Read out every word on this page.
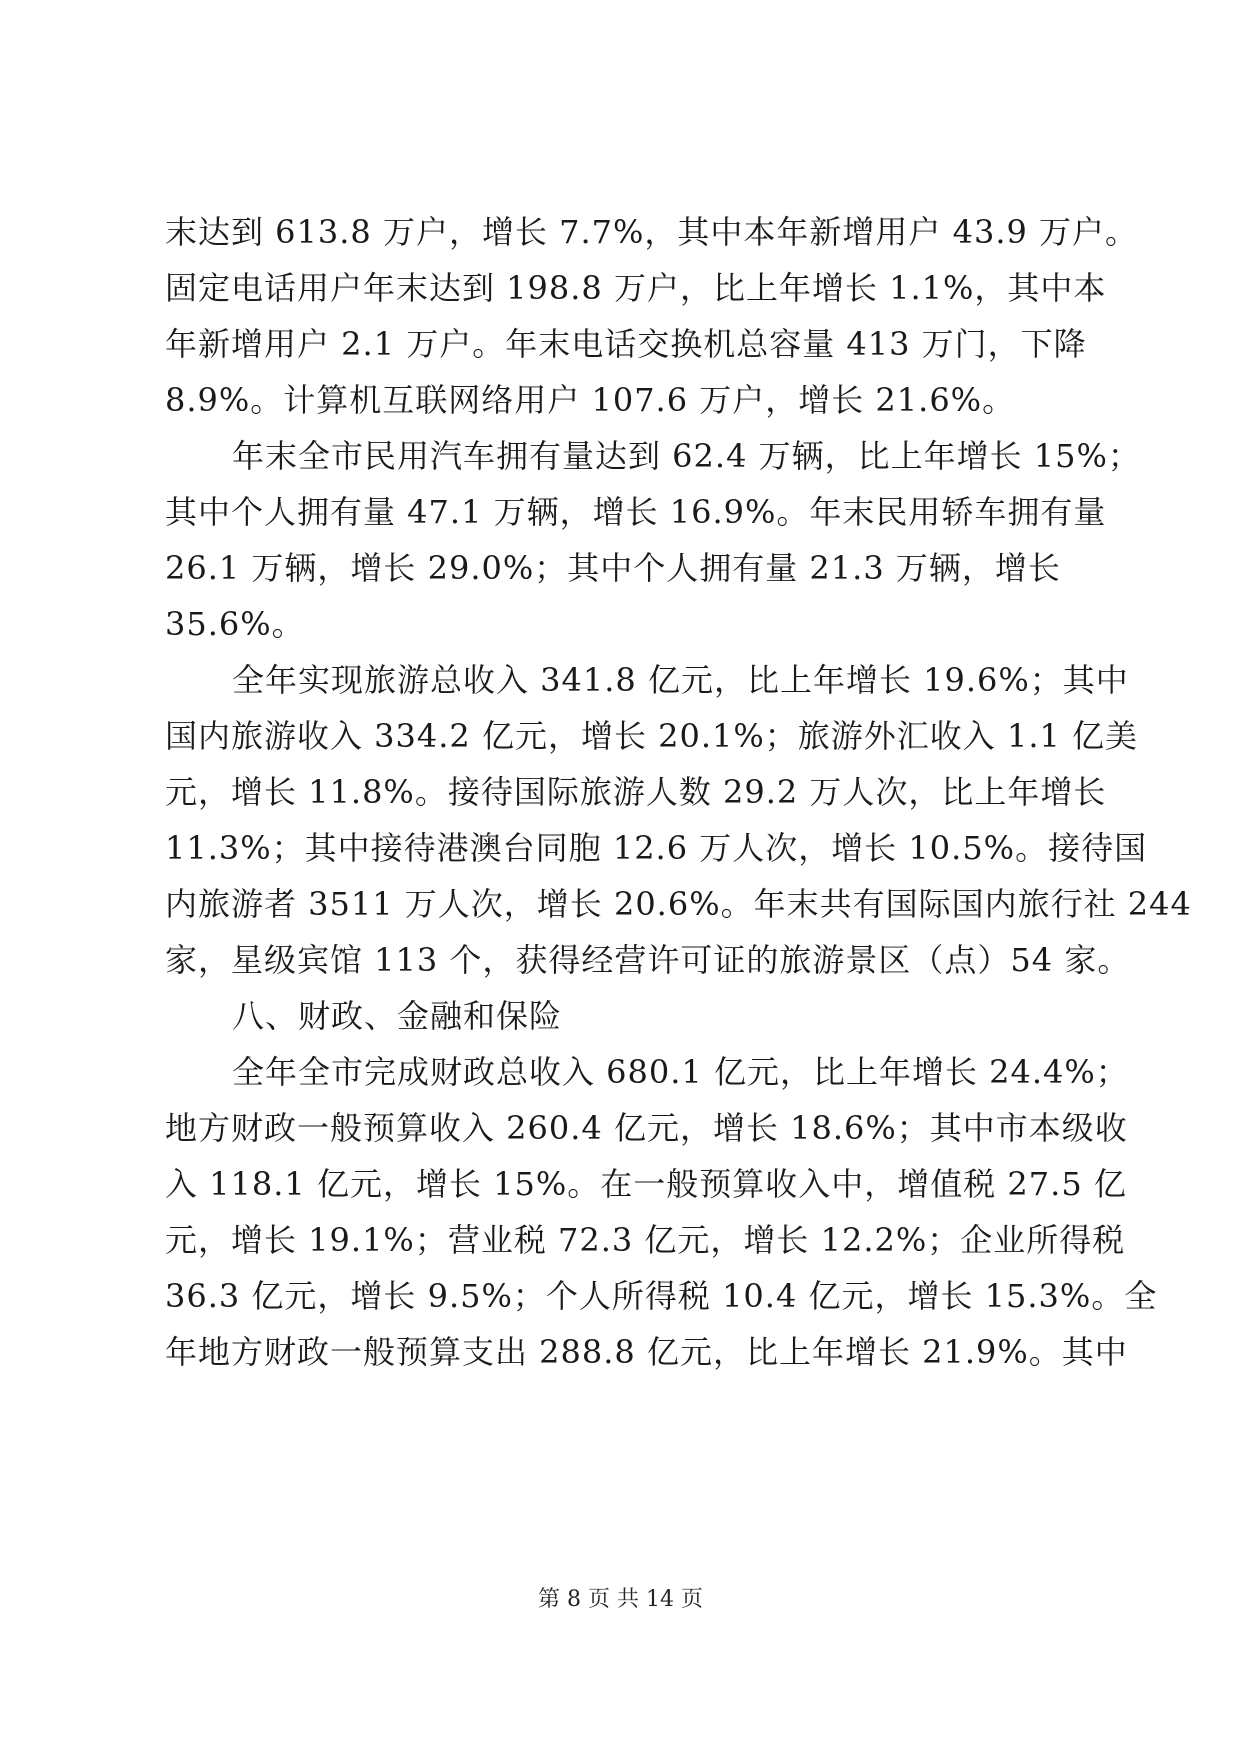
末达到 613.8 万户，增长 7.7%，其中本年新增用户 43.9 万户。
固定电话用户年末达到 198.8 万户，比上年增长 1.1%，其中本
年新增用户 2.1 万户。年末电话交换机总容量 413 万门，下降
8.9%。计算机互联网络用户 107.6 万户，增长 21.6%。
年末全市民用汽车拥有量达到 62.4 万辆，比上年增长 15%；
其中个人拥有量 47.1 万辆，增长 16.9%。年末民用轿车拥有量
26.1 万辆，增长 29.0%；其中个人拥有量 21.3 万辆，增长
35.6%。
全年实现旅游总收入 341.8 亿元，比上年增长 19.6%；其中
国内旅游收入 334.2 亿元，增长 20.1%；旅游外汇收入 1.1 亿美
元，增长 11.8%。接待国际旅游人数 29.2 万人次，比上年增长
11.3%；其中接待港澳台同胞 12.6 万人次，增长 10.5%。接待国
内旅游者 3511 万人次，增长 20.6%。年末共有国际国内旅行社 244
家，星级宾馆 113 个，获得经营许可证的旅游景区（点）54 家。
八、财政、金融和保险
全年全市完成财政总收入 680.1 亿元，比上年增长 24.4%；
地方财政一般预算收入 260.4 亿元，增长 18.6%；其中市本级收
入 118.1 亿元，增长 15%。在一般预算收入中，增值税 27.5 亿
元，增长 19.1%；营业税 72.3 亿元，增长 12.2%；企业所得税
36.3 亿元，增长 9.5%；个人所得税 10.4 亿元，增长 15.3%。全
年地方财政一般预算支出 288.8 亿元，比上年增长 21.9%。其中
第 8 页 共 14 页
